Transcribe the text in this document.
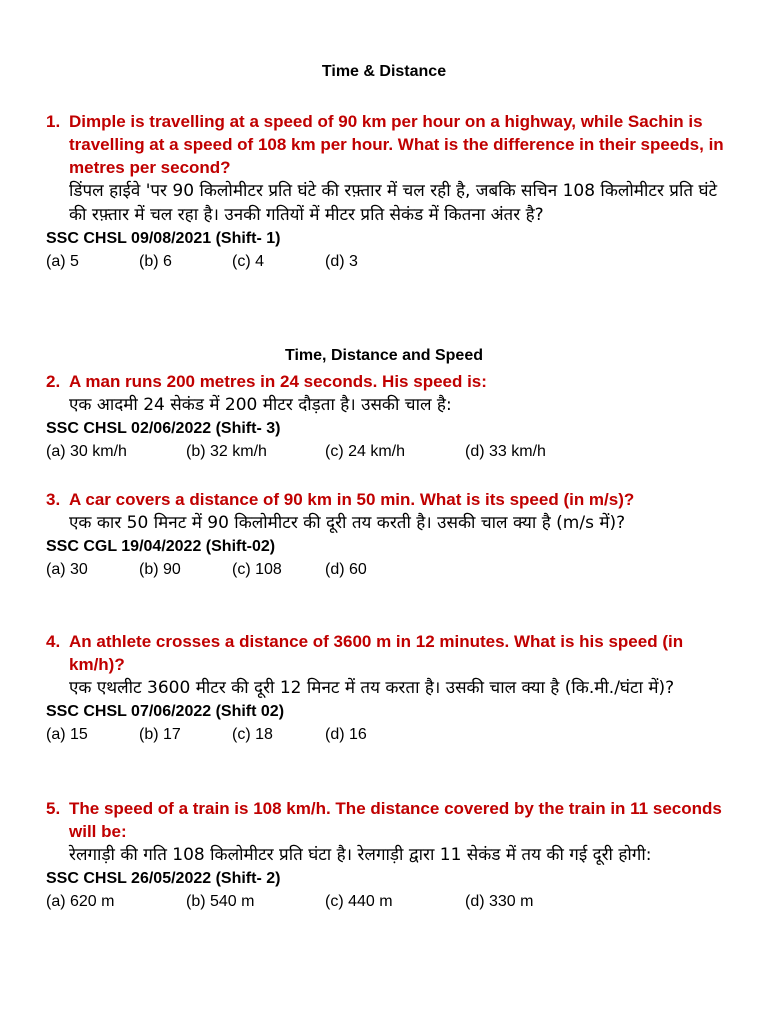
Time & Distance
1. Dimple is travelling at a speed of 90 km per hour on a highway, while Sachin is travelling at a speed of 108 km per hour. What is the difference in their speeds, in metres per second?
डिंपल हाईवे 'पर 90 किलोमीटर प्रति घंटे की रफ़्तार में चल रही है, जबकि सचिन 108 किलोमीटर प्रति घंटे की रफ़्तार में चल रहा है। उनकी गतियों में मीटर प्रति सेकंड में कितना अंतर है?
SSC CHSL 09/08/2021 (Shift- 1)
(a) 5	(b) 6	(c) 4	(d) 3
Time, Distance and Speed
2. A man runs 200 metres in 24 seconds. His speed is:
एक आदमी 24 सेकंड में 200 मीटर दौड़ता है। उसकी चाल है:
SSC CHSL 02/06/2022 (Shift- 3)
(a) 30 km/h	(b) 32 km/h	(c) 24 km/h	(d) 33 km/h
3. A car covers a distance of 90 km in 50 min. What is its speed (in m/s)?
एक कार 50 मिनट में 90 किलोमीटर की दूरी तय करती है। उसकी चाल क्या है (m/s में)?
SSC CGL 19/04/2022 (Shift-02)
(a) 30	(b) 90	(c) 108	(d) 60
4. An athlete crosses a distance of 3600 m in 12 minutes. What is his speed (in km/h)?
एक एथलीट 3600 मीटर की दूरी 12 मिनट में तय करता है। उसकी चाल क्या है (कि.मी./घंटा में)?
SSC CHSL 07/06/2022 (Shift 02)
(a) 15	(b) 17	(c) 18	(d) 16
5. The speed of a train is 108 km/h. The distance covered by the train in 11 seconds will be:
रेलगाड़ी की गति 108 किलोमीटर प्रति घंटा है। रेलगाड़ी द्वारा 11 सेकंड में तय की गई दूरी होगी:
SSC CHSL 26/05/2022 (Shift- 2)
(a) 620 m	(b) 540 m	(c) 440 m	(d) 330 m
